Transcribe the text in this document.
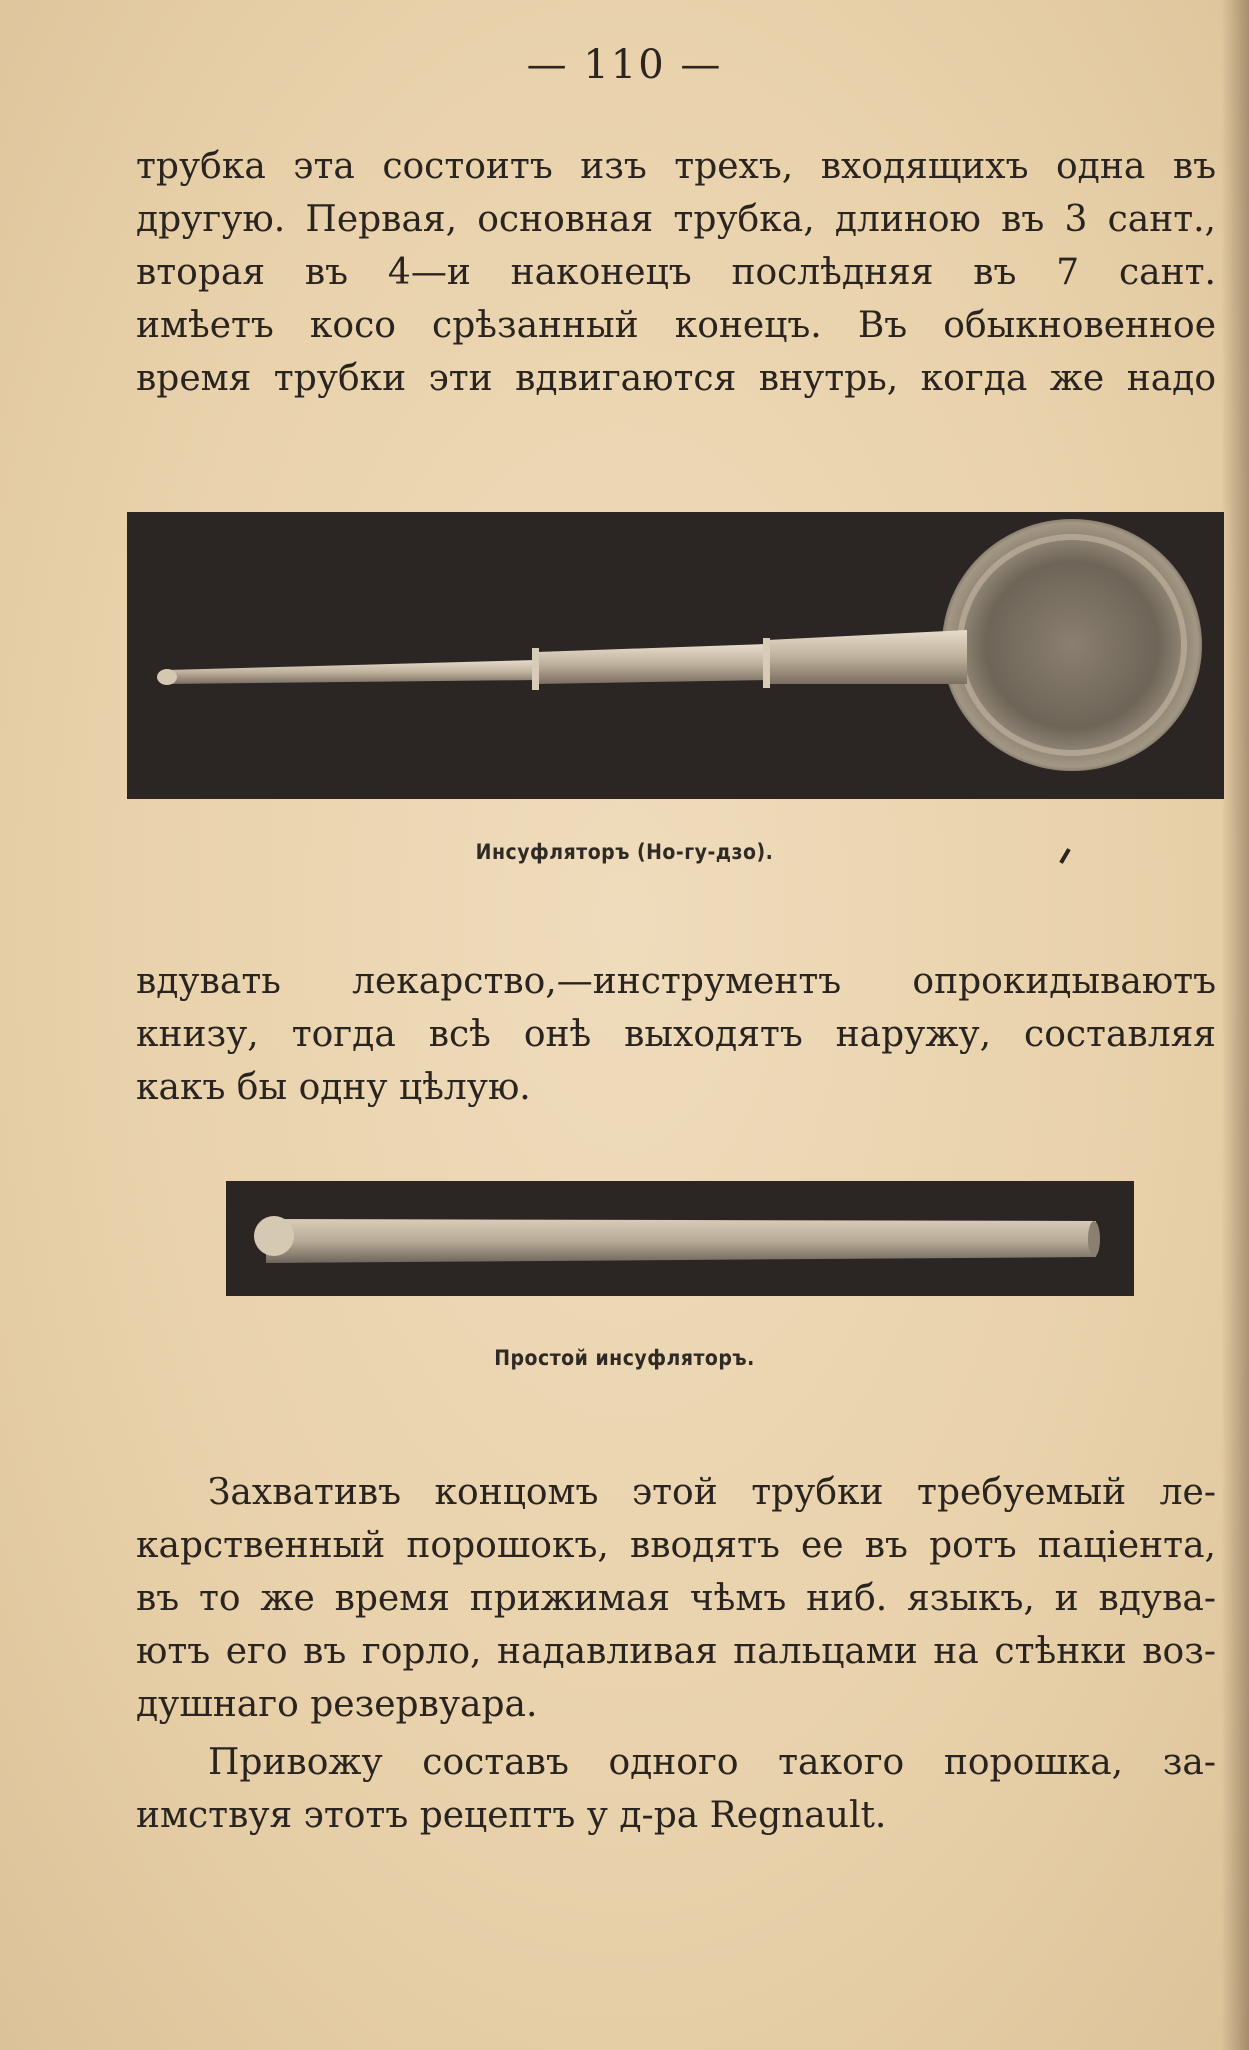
— 110 —
трубка эта состоитъ изъ трехъ, входящихъ одна въ
другую. Первая, основная трубка, длиною въ 3 сант.,
вторая въ 4—и наконецъ послѣдняя въ 7 сант.
имѣетъ косо срѣзанный конецъ. Въ обыкновенное
время трубки эти вдвигаются внутрь, когда же надо
Инсуфляторъ (Но-гу-дзо).
вдувать лекарство,—инструментъ опрокидываютъ
книзу, тогда всѣ онѣ выходятъ наружу, составляя
какъ бы одну цѣлую.
Простой инсуфляторъ.
Захвативъ концомъ этой трубки требуемый ле-
карственный порошокъ, вводятъ ее въ ротъ паціента,
въ то же время прижимая чѣмъ ниб. языкъ, и вдува-
ютъ его въ горло, надавливая пальцами на стѣнки воз-
душнаго резервуара.
Привожу составъ одного такого порошка, за-
имствуя этотъ рецептъ у д-ра Regnault.
